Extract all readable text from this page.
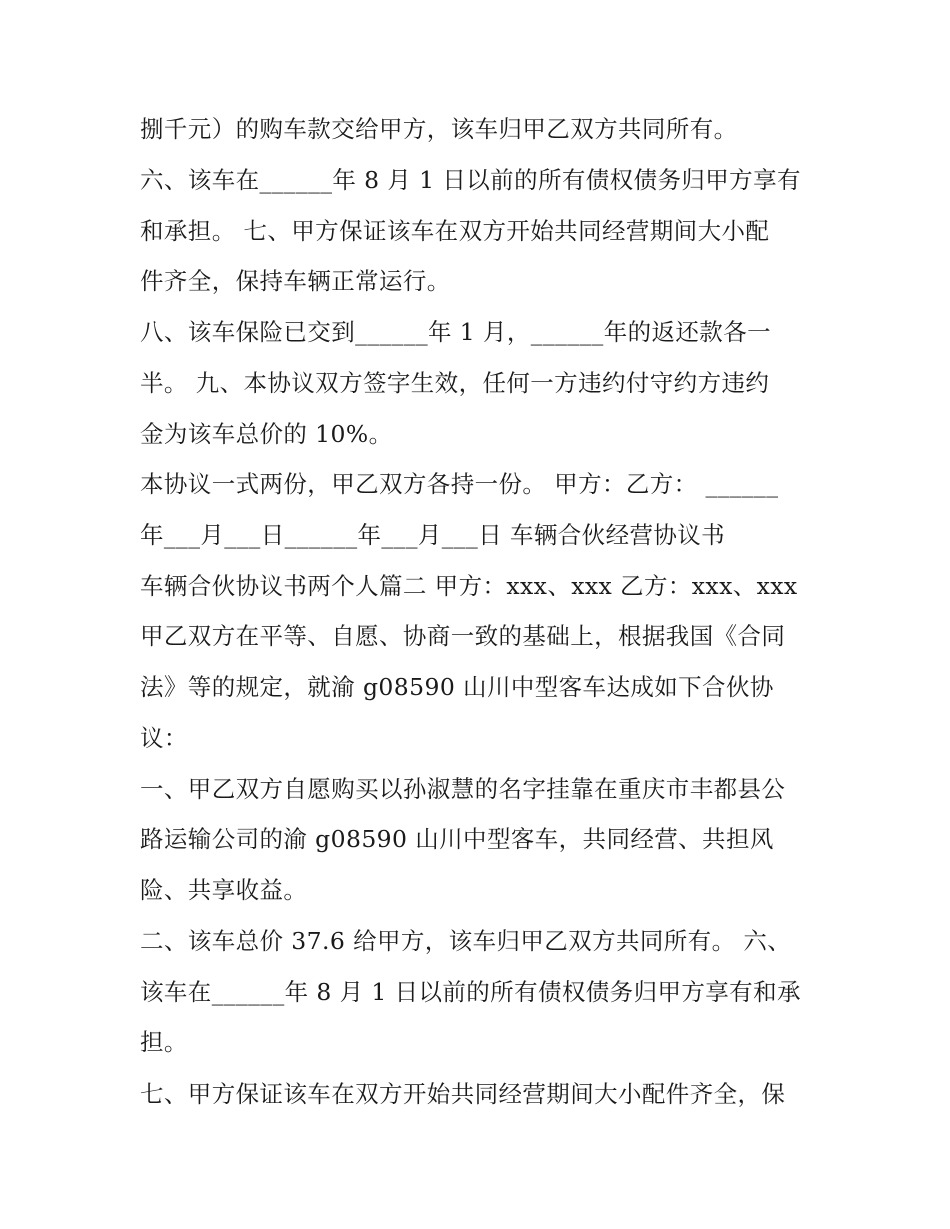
捌千元）的购车款交给甲方，该车归甲乙双方共同所有。
六、该车在______年 8 月 1 日以前的所有债权债务归甲方享有
和承担。 七、甲方保证该车在双方开始共同经营期间大小配
件齐全，保持车辆正常运行。
八、该车保险已交到______年 1 月，______年的返还款各一
半。 九、本协议双方签字生效，任何一方违约付守约方违约
金为该车总价的 10%。
本协议一式两份，甲乙双方各持一份。 甲方：乙方： ______
年___月___日______年___月___日 车辆合伙经营协议书
车辆合伙协议书两个人篇二 甲方：xxx、xxx 乙方：xxx、xxx
甲乙双方在平等、自愿、协商一致的基础上，根据我国《合同
法》等的规定，就渝 g08590 山川中型客车达成如下合伙协
议：
一、甲乙双方自愿购买以孙淑慧的名字挂靠在重庆市丰都县公
路运输公司的渝 g08590 山川中型客车，共同经营、共担风
险、共享收益。
二、该车总价 37.6 给甲方，该车归甲乙双方共同所有。 六、
该车在______年 8 月 1 日以前的所有债权债务归甲方享有和承
担。
七、甲方保证该车在双方开始共同经营期间大小配件齐全，保
